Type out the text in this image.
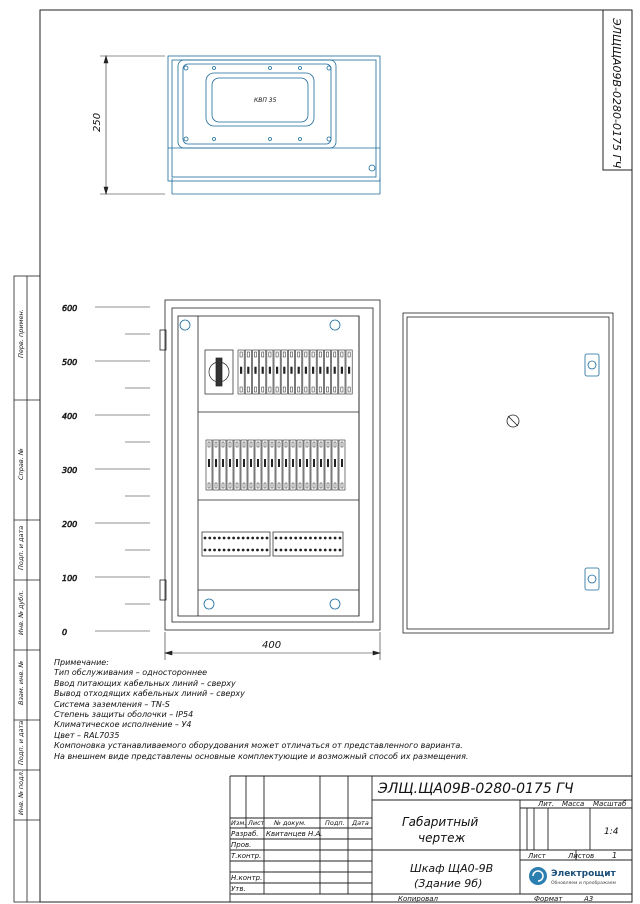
ЭЛЩЩА09В-0280-0175 ГЧ
КВП 35
250
600
500
400
300
200
100
0
400
Перв. примен.
Справ. №
Подп. и дата
Инв. № дубл.
Взам. инв. №
Подп. и дата
Инв. № подл.	ЭЛЩ.ЩА09В-0280-0175 ГЧ
Изм. Лист № докум.	Подп. Дата
Разраб. Квитанцев Н.А.
Пров.
Т.контр.
Н.контр.
Утв.
Габаритный
чертеж
Шкаф ЩА0-9В
(Здание 9б)
Лит. Масса Масштаб
1:4
Лист	Листов 1
Электрощит
Обновляем и преображаем
Копировал	Формат	А3
Примечание:
Тип обслуживания – одностороннее
Ввод питающих кабельных линий – сверху
Вывод отходящих кабельных линий – сверху
Система заземления – TN-S
Степень защиты оболочки – IP54
Климатическое исполнение – У4
Цвет – RAL7035
Компоновка устанавливаемого оборудования может отличаться от представленного варианта.
На внешнем виде представлены основные комплектующие и возможный способ их размещения.
